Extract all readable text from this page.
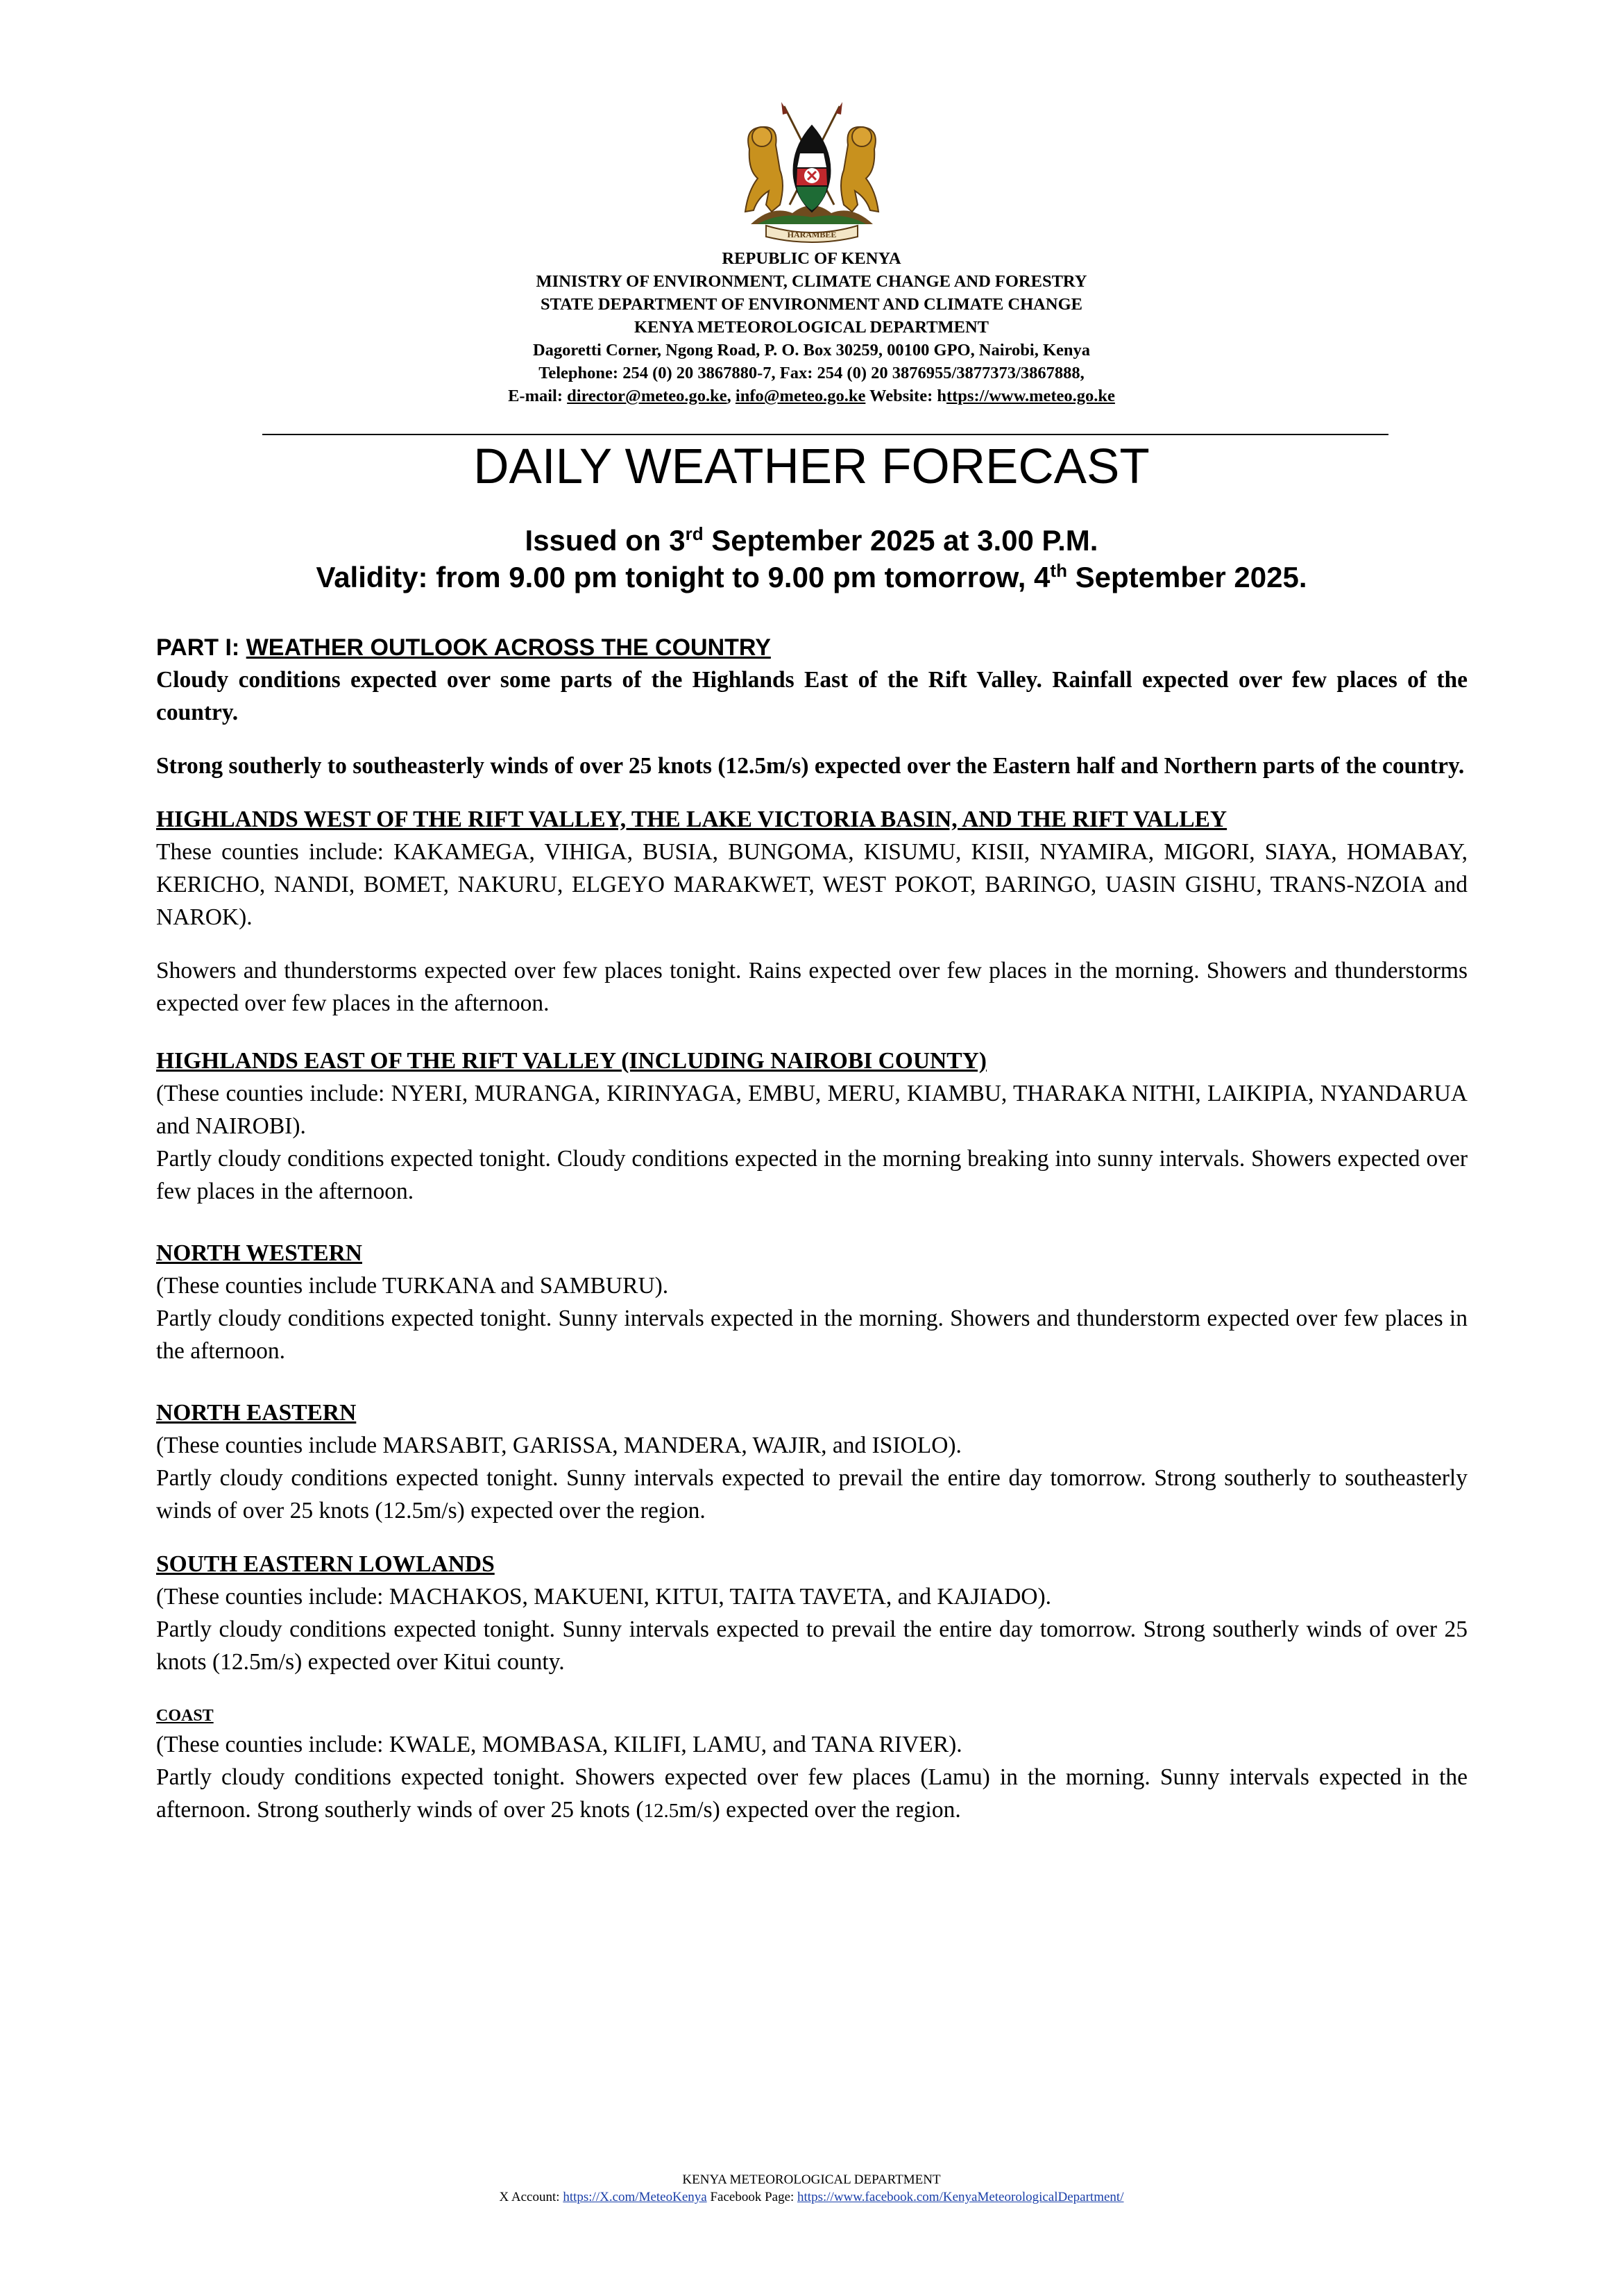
HARAMBEE
REPUBLIC OF KENYA
MINISTRY OF ENVIRONMENT, CLIMATE CHANGE AND FORESTRY
STATE DEPARTMENT OF ENVIRONMENT AND CLIMATE CHANGE
KENYA METEOROLOGICAL DEPARTMENT
Dagoretti Corner, Ngong Road, P. O. Box 30259, 00100 GPO, Nairobi, Kenya
Telephone: 254 (0) 20 3867880-7, Fax: 254 (0) 20 3876955/3877373/3867888,
E-mail: director@meteo.go.ke, info@meteo.go.ke Website: https://www.meteo.go.ke
DAILY WEATHER FORECAST
Issued on 3rd September 2025 at 3.00 P.M.
Validity: from 9.00 pm tonight to 9.00 pm tomorrow, 4th September 2025.

PART I: WEATHER OUTLOOK ACROSS THE COUNTRY

Cloudy conditions expected over some parts of the Highlands East of the Rift Valley. Rainfall expected over few places of the country.

Strong southerly to southeasterly winds of over 25 knots (12.5m/s) expected over the Eastern half and Northern parts of the country.

HIGHLANDS WEST OF THE RIFT VALLEY, THE LAKE VICTORIA BASIN, AND THE RIFT VALLEY

These counties include: KAKAMEGA, VIHIGA, BUSIA, BUNGOMA, KISUMU, KISII, NYAMIRA, MIGORI, SIAYA, HOMABAY, KERICHO, NANDI, BOMET, NAKURU, ELGEYO MARAKWET, WEST POKOT, BARINGO, UASIN GISHU, TRANS-NZOIA and NAROK).

Showers and thunderstorms expected over few places tonight. Rains expected over few places in the morning. Showers and thunderstorms expected over few places in the afternoon.

HIGHLANDS EAST OF THE RIFT VALLEY (INCLUDING NAIROBI COUNTY)

(These counties include: NYERI, MURANGA, KIRINYAGA, EMBU, MERU, KIAMBU, THARAKA NITHI, LAIKIPIA, NYANDARUA and NAIROBI).

Partly cloudy conditions expected tonight. Cloudy conditions expected in the morning breaking into sunny intervals. Showers expected over few places in the afternoon.

NORTH WESTERN

(These counties include TURKANA and SAMBURU).

Partly cloudy conditions expected tonight. Sunny intervals expected in the morning. Showers and thunderstorm expected over few places in the afternoon.

NORTH EASTERN

(These counties include MARSABIT, GARISSA, MANDERA, WAJIR, and ISIOLO).

Partly cloudy conditions expected tonight. Sunny intervals expected to prevail the entire day tomorrow. Strong southerly to southeasterly winds of over 25 knots (12.5m/s) expected over the region.

SOUTH EASTERN LOWLANDS

(These counties include: MACHAKOS, MAKUENI, KITUI, TAITA TAVETA, and KAJIADO).

Partly cloudy conditions expected tonight. Sunny intervals expected to prevail the entire day tomorrow. Strong southerly winds of over 25 knots (12.5m/s) expected over Kitui county.

COAST

(These counties include: KWALE, MOMBASA, KILIFI, LAMU, and TANA RIVER).

Partly cloudy conditions expected tonight. Showers expected over few places (Lamu) in the morning. Sunny intervals expected in the afternoon. Strong southerly winds of over 25 knots (12.5m/s) expected over the region.

KENYA METEOROLOGICAL DEPARTMENT
X Account: https://X.com/MeteoKenya Facebook Page: https://www.facebook.com/KenyaMeteorologicalDepartment/
